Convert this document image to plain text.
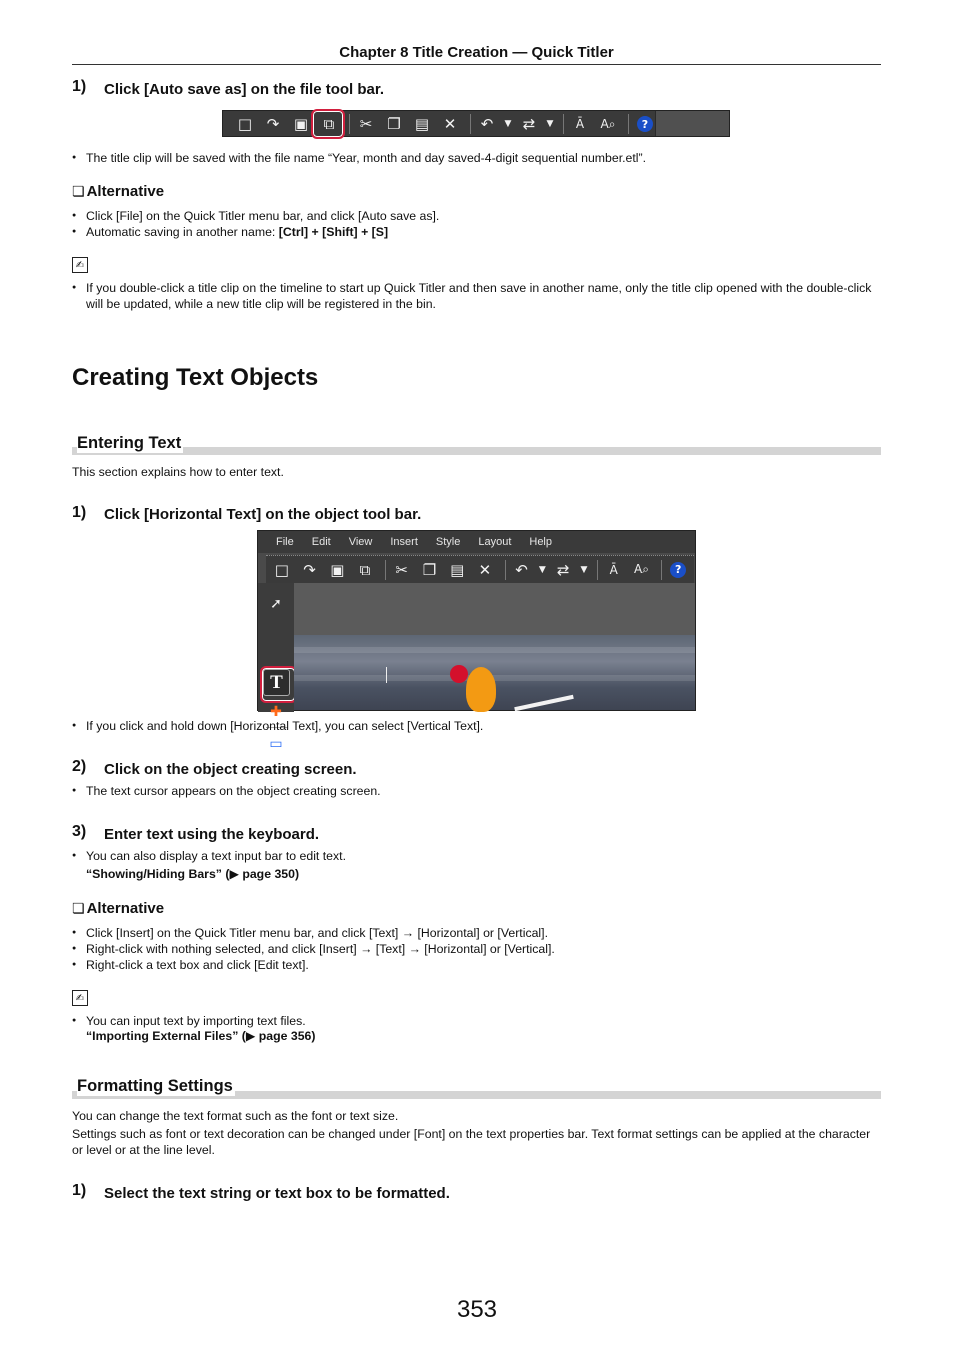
Chapter 8 Title Creation — Quick Titler
1) Click [Auto save as] on the file tool bar.
□ ↷ ▣	⧉	✂ ❐ ▤ ✕	↶	▼ ⇄	▼	Ā	A⌕	?
● The title clip will be saved with the file name “Year, month and day saved-4-digit sequential number.etl”.
❏ Alternative
● Click [File] on the Quick Titler menu bar, and click [Auto save as].
● Automatic saving in another name: [Ctrl] + [Shift] + [S]
✍
● If you double-click a title clip on the timeline to start up Quick Titler and then save in another name, only the title clip opened with the double-click will be updated, while a new title clip will be registered in the bin.
Creating Text Objects
Entering Text
This section explains how to enter text.
1) Click [Horizontal Text] on the object tool bar.
File Edit View Insert Style Layout Help
□ ↷ ▣	⧉	✂ ❐ ▤ ✕	↶	▼ ⇄	▼	Ā	A⌕	?
➚
T
✚
▭
● If you click and hold down [Horizontal Text], you can select [Vertical Text].
2) Click on the object creating screen.
● The text cursor appears on the object creating screen.
3) Enter text using the keyboard.
● You can also display a text input bar to edit text.
“Showing/Hiding Bars” (▶ page 350)
❏ Alternative
● Click [Insert] on the Quick Titler menu bar, and click [Text] → [Horizontal] or [Vertical].
● Right-click with nothing selected, and click [Insert] → [Text] → [Horizontal] or [Vertical].
● Right-click a text box and click [Edit text].
✍
● You can input text by importing text files.
“Importing External Files” (▶ page 356)
Formatting Settings
You can change the text format such as the font or text size.
Settings such as font or text decoration can be changed under [Font] on the text properties bar. Text format settings can be applied at the character or level or at the line level.
1) Select the text string or text box to be formatted.
353
